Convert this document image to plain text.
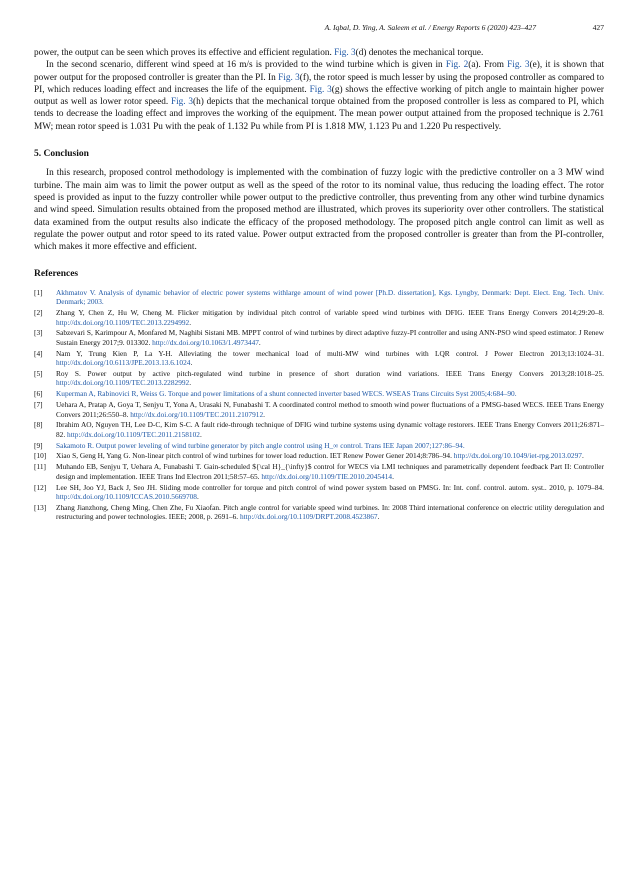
A. Iqbal, D. Ying, A. Saleem et al. / Energy Reports 6 (2020) 423–427	427

power, the output can be seen which proves its effective and efficient regulation. Fig. 3(d) denotes the mechanical torque.

In the second scenario, different wind speed at 16 m/s is provided to the wind turbine which is given in Fig. 2(a). From Fig. 3(e), it is shown that power output for the proposed controller is greater than the PI. In Fig. 3(f), the rotor speed is much lesser by using the proposed controller as compared to PI, which reduces loading effect and increases the life of the equipment. Fig. 3(g) shows the effective working of pitch angle to maintain higher power output as well as lower rotor speed. Fig. 3(h) depicts that the mechanical torque obtained from the proposed controller is less as compared to PI, which tends to decrease the loading effect and improves the working of the equipment. The mean power output attained from the proposed technique is 2.761 MW; mean rotor speed is 1.031 Pu with the peak of 1.132 Pu while from PI is 1.818 MW, 1.123 Pu and 1.220 Pu respectively.

5. Conclusion

In this research, proposed control methodology is implemented with the combination of fuzzy logic with the predictive controller on a 3 MW wind turbine. The main aim was to limit the power output as well as the speed of the rotor to its nominal value, thus reducing the loading effect. The rotor speed is provided as input to the fuzzy controller while power output to the predictive controller, thus preventing from any other wind turbine dynamics and wind speed. Simulation results obtained from the proposed method are illustrated, which proves its superiority over other controllers. The statistical data examined from the output results also indicate the efficacy of the proposed methodology. The proposed pitch angle control can limit as well as regulate the power output and rotor speed to its rated value. Power output extracted from the proposed controller is greater than from the PI-controller, which makes it more effective and efficient.

References
[1]	Akhmatov V. Analysis of dynamic behavior of electric power systems withlarge amount of wind power [Ph.D. dissertation], Kgs. Lyngby, Denmark: Dept. Elect. Eng. Tech. Univ. Denmark; 2003.
[2]	Zhang Y, Chen Z, Hu W, Cheng M. Flicker mitigation by individual pitch control of variable speed wind turbines with DFIG. IEEE Trans Energy Convers 2014;29:20–8. http://dx.doi.org/10.1109/TEC.2013.2294992.
[3]	Sabzevari S, Karimpour A, Monfared M, Naghibi Sistani MB. MPPT control of wind turbines by direct adaptive fuzzy-PI controller and using ANN-PSO wind speed estimator. J Renew Sustain Energy 2017;9. 013302. http://dx.doi.org/10.1063/1.4973447.
[4]	Nam Y, Trung Kien P, La Y-H. Alleviating the tower mechanical load of multi-MW wind turbines with LQR control. J Power Electron 2013;13:1024–31. http://dx.doi.org/10.6113/JPE.2013.13.6.1024.
[5]	Roy S. Power output by active pitch-regulated wind turbine in presence of short duration wind variations. IEEE Trans Energy Convers 2013;28:1018–25. http://dx.doi.org/10.1109/TEC.2013.2282992.
[6]	Kuperman A, Rabinovici R, Weiss G. Torque and power limitations of a shunt connected inverter based WECS. WSEAS Trans Circuits Syst 2005;4:684–90.
[7]	Uehara A, Pratap A, Goya T, Senjyu T, Yona A, Urasaki N, Funabashi T. A coordinated control method to smooth wind power fluctuations of a PMSG-based WECS. IEEE Trans Energy Convers 2011;26:550–8. http://dx.doi.org/10.1109/TEC.2011.2107912.
[8]	Ibrahim AO, Nguyen TH, Lee D-C, Kim S-C. A fault ride-through technique of DFIG wind turbine systems using dynamic voltage restorers. IEEE Trans Energy Convers 2011;26:871–82. http://dx.doi.org/10.1109/TEC.2011.2158102.
[9]	Sakamoto R. Output power leveling of wind turbine generator by pitch angle control using H_∞ control. Trans IEE Japan 2007;127:86–94.
[10]	Xiao S, Geng H, Yang G. Non-linear pitch control of wind turbines for tower load reduction. IET Renew Power Gener 2014;8:786–94. http://dx.doi.org/10.1049/iet-rpg.2013.0297.
[11]	Muhando EB, Senjyu T, Uehara A, Funabashi T. Gain-scheduled ${\cal H}_{\infty}$ control for WECS via LMI techniques and parametrically dependent feedback Part II: Controller design and implementation. IEEE Trans Ind Electron 2011;58:57–65. http://dx.doi.org/10.1109/TIE.2010.2045414.
[12]	Lee SH, Joo YJ, Back J, Seo JH. Sliding mode controller for torque and pitch control of wind power system based on PMSG. In: Int. conf. control. autom. syst.. 2010, p. 1079–84. http://dx.doi.org/10.1109/ICCAS.2010.5669708.
[13]	Zhang Jianzhong, Cheng Ming, Chen Zhe, Fu Xiaofan. Pitch angle control for variable speed wind turbines. In: 2008 Third international conference on electric utility deregulation and restructuring and power technologies. IEEE; 2008, p. 2691–6. http://dx.doi.org/10.1109/DRPT.2008.4523867.
